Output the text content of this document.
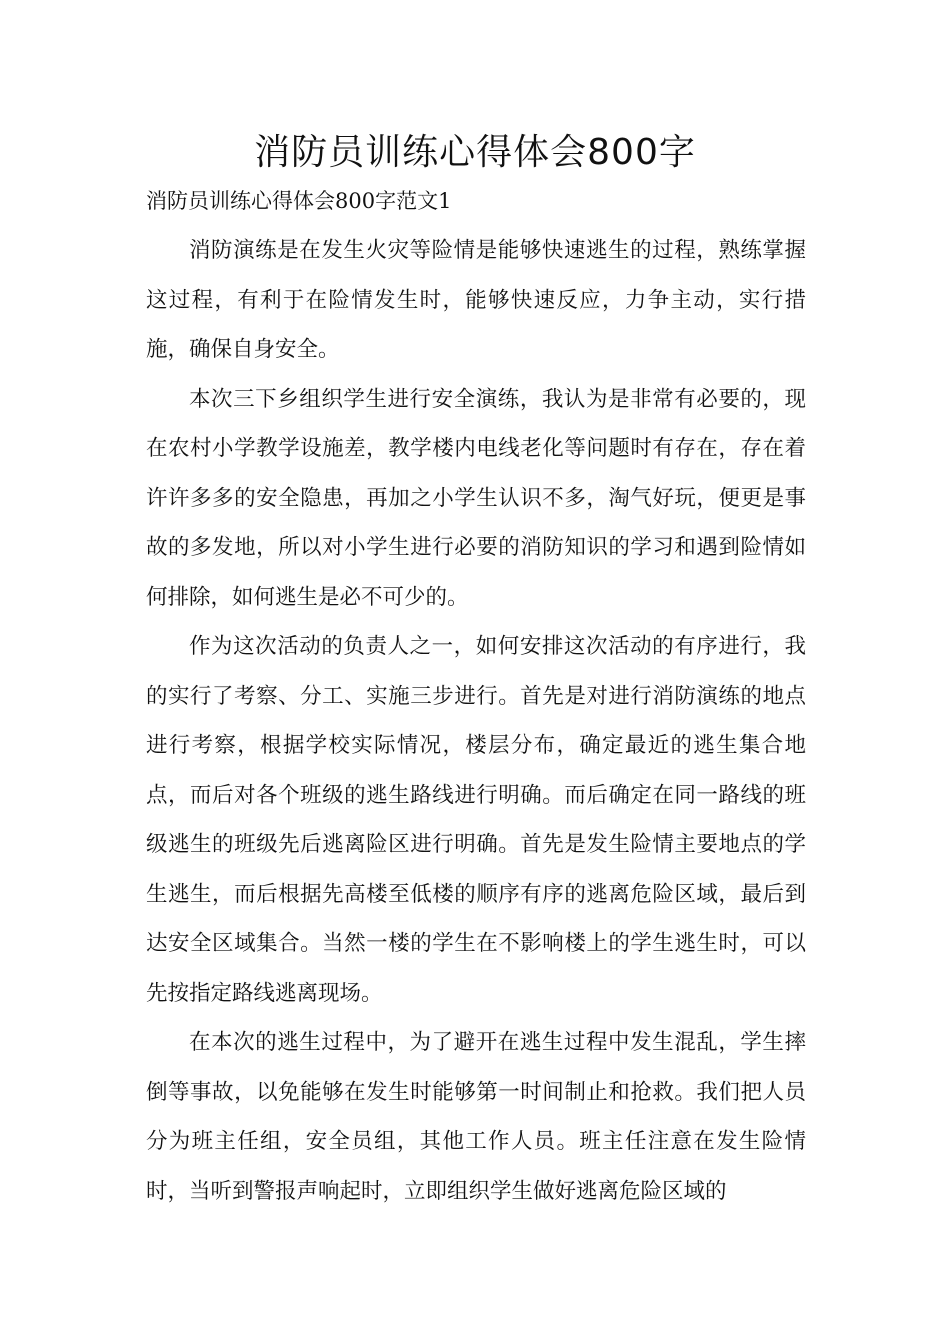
消防员训练心得体会800字

消防员训练心得体会800字范文1

消防演练是在发生火灾等险情是能够快速逃生的过程，熟练掌握这过程，有利于在险情发生时，能够快速反应，力争主动，实行措施，确保自身安全。

本次三下乡组织学生进行安全演练，我认为是非常有必要的，现在农村小学教学设施差，教学楼内电线老化等问题时有存在，存在着许许多多的安全隐患，再加之小学生认识不多，淘气好玩，便更是事故的多发地，所以对小学生进行必要的消防知识的学习和遇到险情如何排除，如何逃生是必不可少的。

作为这次活动的负责人之一，如何安排这次活动的有序进行，我的实行了考察、分工、实施三步进行。首先是对进行消防演练的地点进行考察，根据学校实际情况，楼层分布，确定最近的逃生集合地点，而后对各个班级的逃生路线进行明确。而后确定在同一路线的班级逃生的班级先后逃离险区进行明确。首先是发生险情主要地点的学生逃生，而后根据先高楼至低楼的顺序有序的逃离危险区域，最后到达安全区域集合。当然一楼的学生在不影响楼上的学生逃生时，可以先按指定路线逃离现场。

在本次的逃生过程中，为了避开在逃生过程中发生混乱，学生摔倒等事故，以免能够在发生时能够第一时间制止和抢救。我们把人员分为班主任组，安全员组，其他工作人员。班主任注意在发生险情时，当听到警报声响起时，立即组织学生做好逃离危险区域的
